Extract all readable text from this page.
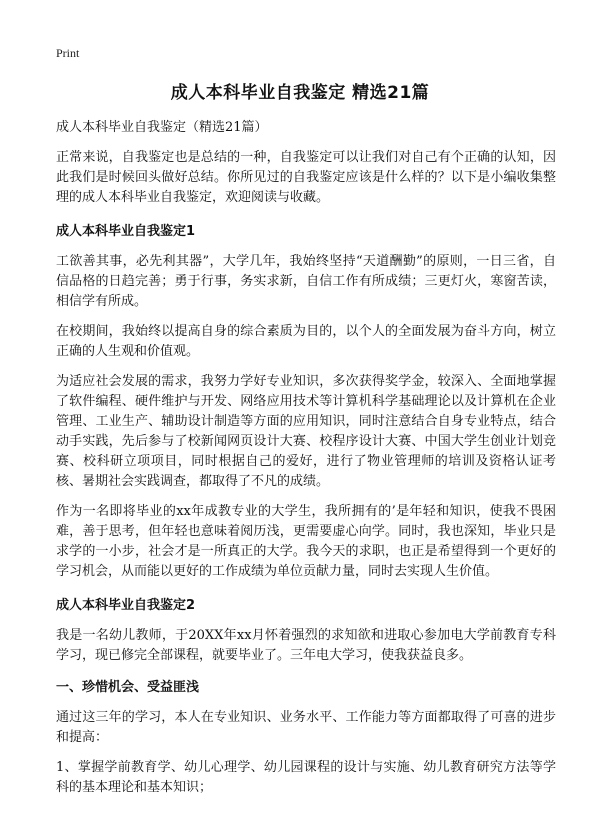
Print
成人本科毕业自我鉴定 精选21篇
成人本科毕业自我鉴定（精选21篇）

正常来说，自我鉴定也是总结的一种，自我鉴定可以让我们对自己有个正确的认知，因此我们是时候回头做好总结。你所见过的自我鉴定应该是什么样的？以下是小编收集整理的成人本科毕业自我鉴定，欢迎阅读与收藏。

成人本科毕业自我鉴定1

工欲善其事，必先利其器”，大学几年，我始终坚持“天道酬勤”的原则，一日三省，自信品格的日趋完善；勇于行事，务实求新，自信工作有所成绩；三更灯火，寒窗苦读，相信学有所成。

在校期间，我始终以提高自身的综合素质为目的，以个人的全面发展为奋斗方向，树立正确的人生观和价值观。

为适应社会发展的需求，我努力学好专业知识，多次获得奖学金，较深入、全面地掌握了软件编程、硬件维护与开发、网络应用技术等计算机科学基础理论以及计算机在企业管理、工业生产、辅助设计制造等方面的应用知识，同时注意结合自身专业特点，结合动手实践，先后参与了校新闻网页设计大赛、校程序设计大赛、中国大学生创业计划竞赛、校科研立项项目，同时根据自己的爱好，进行了物业管理师的培训及资格认证考核、暑期社会实践调查，都取得了不凡的成绩。

作为一名即将毕业的xx年成教专业的大学生，我所拥有的’是年轻和知识，使我不畏困难，善于思考，但年轻也意味着阅历浅，更需要虚心向学。同时，我也深知，毕业只是求学的一小步，社会才是一所真正的大学。我今天的求职，也正是希望得到一个更好的学习机会，从而能以更好的工作成绩为单位贡献力量，同时去实现人生价值。

成人本科毕业自我鉴定2

我是一名幼儿教师，于20XX年xx月怀着强烈的求知欲和进取心参加电大学前教育专科学习，现已修完全部课程，就要毕业了。三年电大学习，使我获益良多。

一、珍惜机会、受益匪浅

通过这三年的学习，本人在专业知识、业务水平、工作能力等方面都取得了可喜的进步和提高：

1、掌握学前教育学、幼儿心理学、幼儿园课程的设计与实施、幼儿教育研究方法等学科的基本理论和基本知识；
